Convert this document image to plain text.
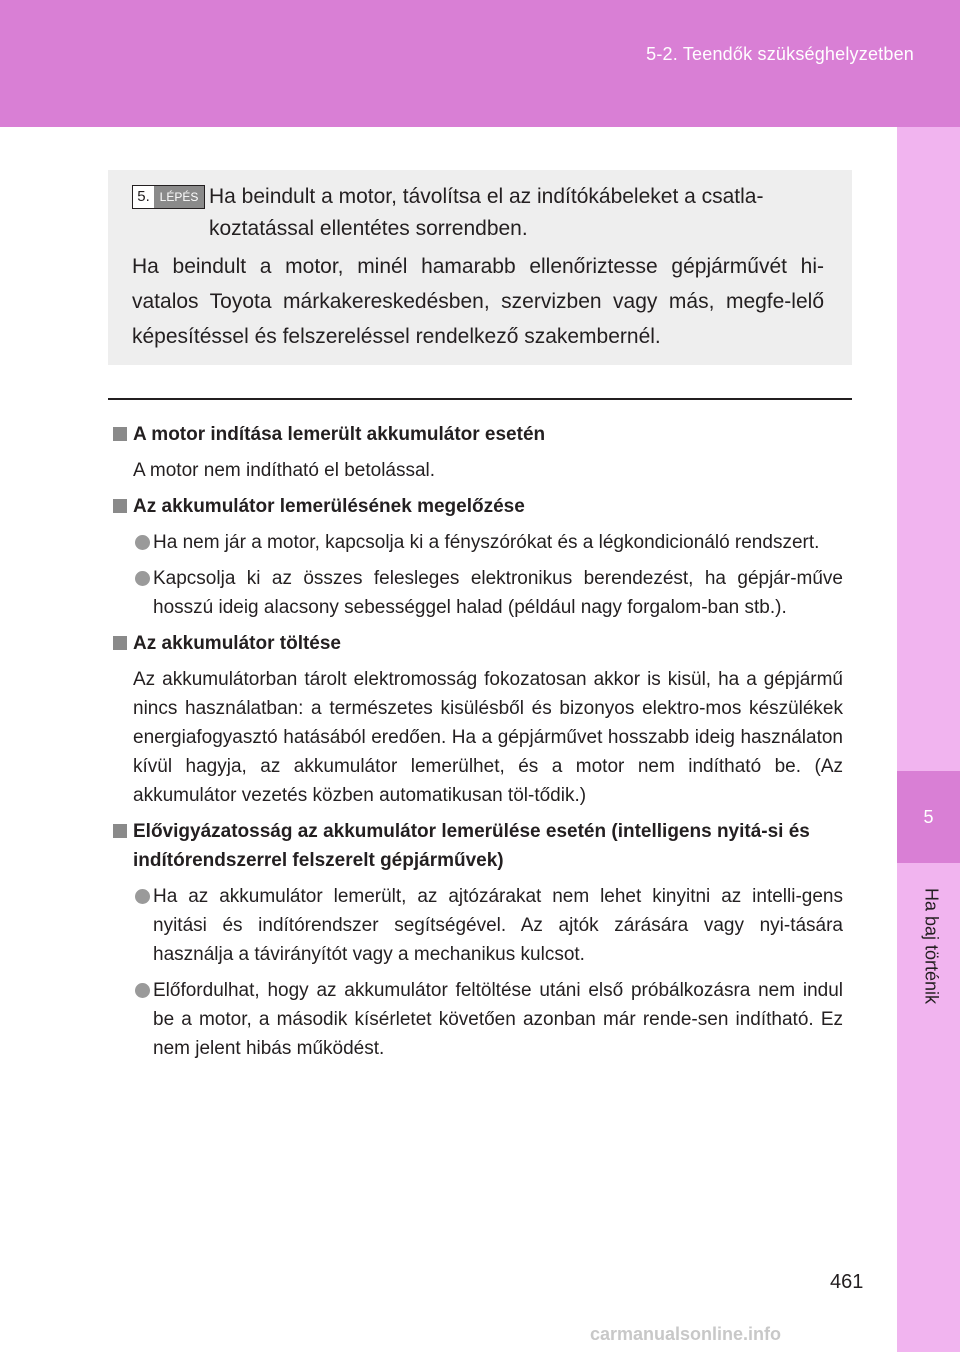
5-2. Teendők szükséghelyzetben
5
Ha baj történik
5. LÉPÉS Ha beindult a motor, távolítsa el az indítókábeleket a csatla-koztatással ellentétes sorrendben.
Ha beindult a motor, minél hamarabb ellenőriztesse gépjárművét hi-vatalos Toyota márkakereskedésben, szervizben vagy más, megfe-lelő képesítéssel és felszereléssel rendelkező szakembernél.
A motor indítása lemerült akkumulátor esetén
A motor nem indítható el betolással.
Az akkumulátor lemerülésének megelőzése
Ha nem jár a motor, kapcsolja ki a fényszórókat és a légkondicionáló rendszert.
Kapcsolja ki az összes felesleges elektronikus berendezést, ha gépjár-műve hosszú ideig alacsony sebességgel halad (például nagy forgalom-ban stb.).
Az akkumulátor töltése
Az akkumulátorban tárolt elektromosság fokozatosan akkor is kisül, ha a gépjármű nincs használatban: a természetes kisülésből és bizonyos elektro-mos készülékek energiafogyasztó hatásából eredően. Ha a gépjárművet hosszabb ideig használaton kívül hagyja, az akkumulátor lemerülhet, és a motor nem indítható be. (Az akkumulátor vezetés közben automatikusan töl-tődik.)
Elővigyázatosság az akkumulátor lemerülése esetén (intelligens nyitá-si és indítórendszerrel felszerelt gépjárművek)
Ha az akkumulátor lemerült, az ajtózárakat nem lehet kinyitni az intelli-gens nyitási és indítórendszer segítségével. Az ajtók zárására vagy nyi-tására használja a távirányítót vagy a mechanikus kulcsot.
Előfordulhat, hogy az akkumulátor feltöltése utáni első próbálkozásra nem indul be a motor, a második kísérletet követően azonban már rende-sen indítható. Ez nem jelent hibás működést.
461
carmanualsonline.info
